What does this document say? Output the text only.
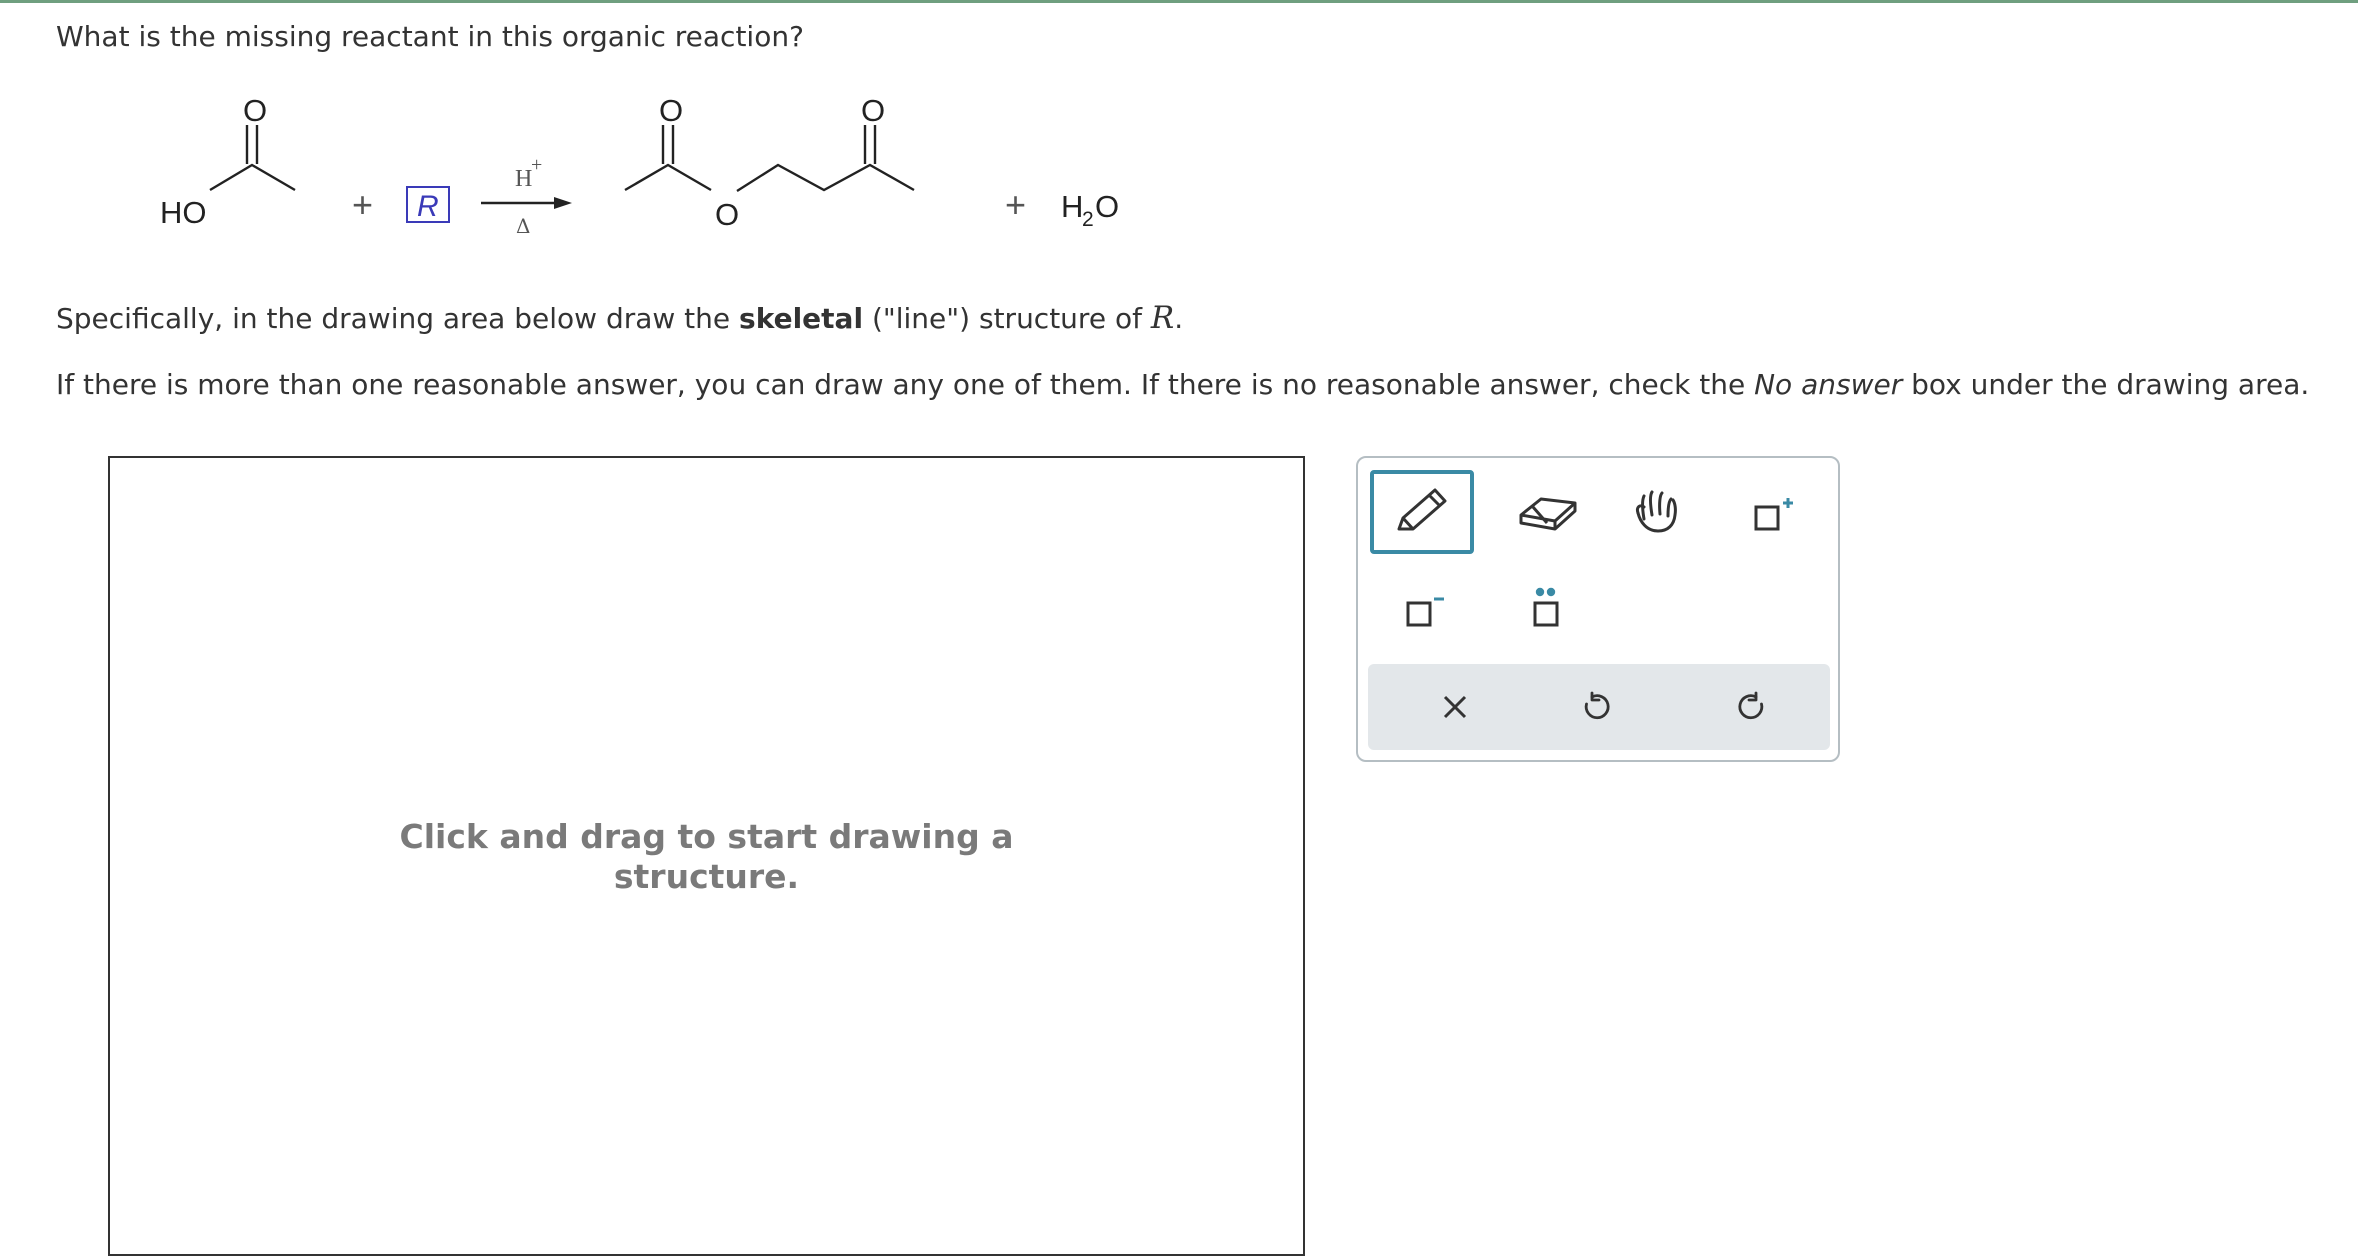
What is the missing reactant in this organic reaction?

HO
O	O
O
O
+	+
R
H
+
Δ
H
2 O

Specifically, in the drawing area below draw the skeletal ("line") structure of R.

If there is more than one reasonable answer, you can draw any one of them. If there is no reasonable answer, check the No answer box under the drawing area.

Click and drag to start drawing a
structure.
